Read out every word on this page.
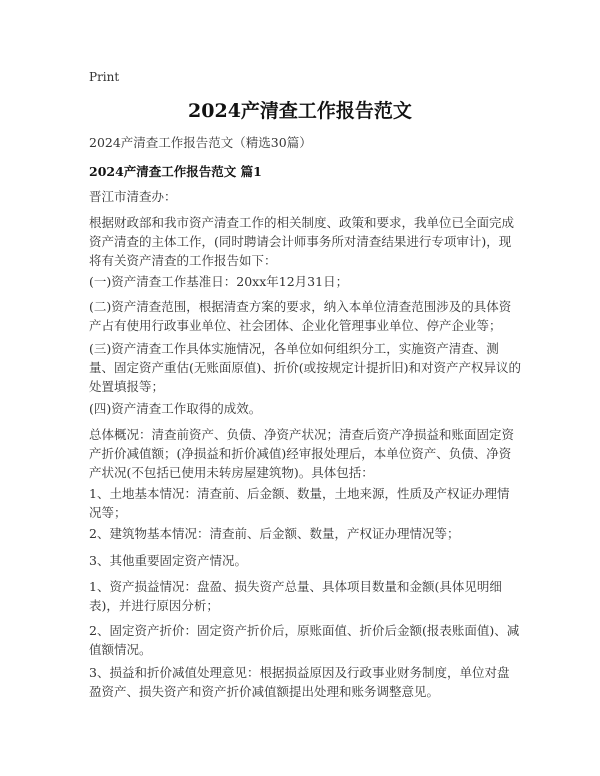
Print
2024产清查工作报告范文
2024产清查工作报告范文（精选30篇）
2024产清查工作报告范文 篇1

晋江市清查办：

根据财政部和我市资产清查工作的相关制度、政策和要求，我单位已全面完成资产清查的主体工作，(同时聘请会计师事务所对清查结果进行专项审计)，现将有关资产清查的工作报告如下：

(一)资产清查工作基准日：20xx年12月31日；

(二)资产清查范围，根据清查方案的要求，纳入本单位清查范围涉及的具体资产占有使用行政事业单位、社会团体、企业化管理事业单位、停产企业等；

(三)资产清查工作具体实施情况，各单位如何组织分工，实施资产清查、测量、固定资产重估(无账面原值)、折价(或按规定计提折旧)和对资产产权异议的处置填报等；

(四)资产清查工作取得的成效。

总体概况：清查前资产、负债、净资产状况；清查后资产净损益和账面固定资产折价减值额；(净损益和折价减值)经审报处理后，本单位资产、负债、净资产状况(不包括已使用未转房屋建筑物)。具体包括：

1、土地基本情况：清查前、后金额、数量，土地来源，性质及产权证办理情况等；

2、建筑物基本情况：清查前、后金额、数量，产权证办理情况等；

3、其他重要固定资产情况。

1、资产损益情况：盘盈、损失资产总量、具体项目数量和金额(具体见明细表)，并进行原因分析；

2、固定资产折价：固定资产折价后，原账面值、折价后金额(报表账面值)、减值额情况。

3、损益和折价减值处理意见：根据损益原因及行政事业财务制度，单位对盘盈资产、损失资产和资产折价减值额提出处理和账务调整意见。
